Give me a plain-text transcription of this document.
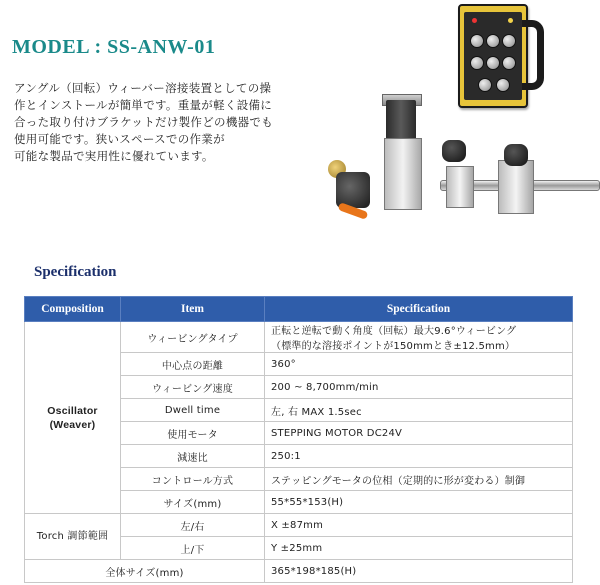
MODEL : SS-ANW-01

アングル（回転）ウィーバー溶接装置としての操
作とインストールが簡単です。重量が軽く設備に
合った取り付けブラケットだけ製作どの機器でも
使用可能です。狭いスペースでの作業が
可能な製品で実用性に優れています。

Specification
Composition	Item	Specification

Oscillator
(Weaver)	ウィービングタイプ	正転と逆転で動く角度（回転）最大9.6°ウィービング
（標準的な溶接ポイントが150mmとき±12.5mm）

	中心点の距離	360°
	ウィービング速度	200 ~ 8,700mm/min
	Dwell time	左, 右 MAX 1.5sec
	使用モータ	STEPPING MOTOR DC24V
	減速比	250:1
	コントロール方式	ステッピングモータの位相（定期的に形が変わる）制御
	サイズ(mm)	55*55*153(H)
Torch 調節範囲	左/右	X ±87mm
	上/下	Y ±25mm
全体サイズ(mm)		365*198*185(H)
